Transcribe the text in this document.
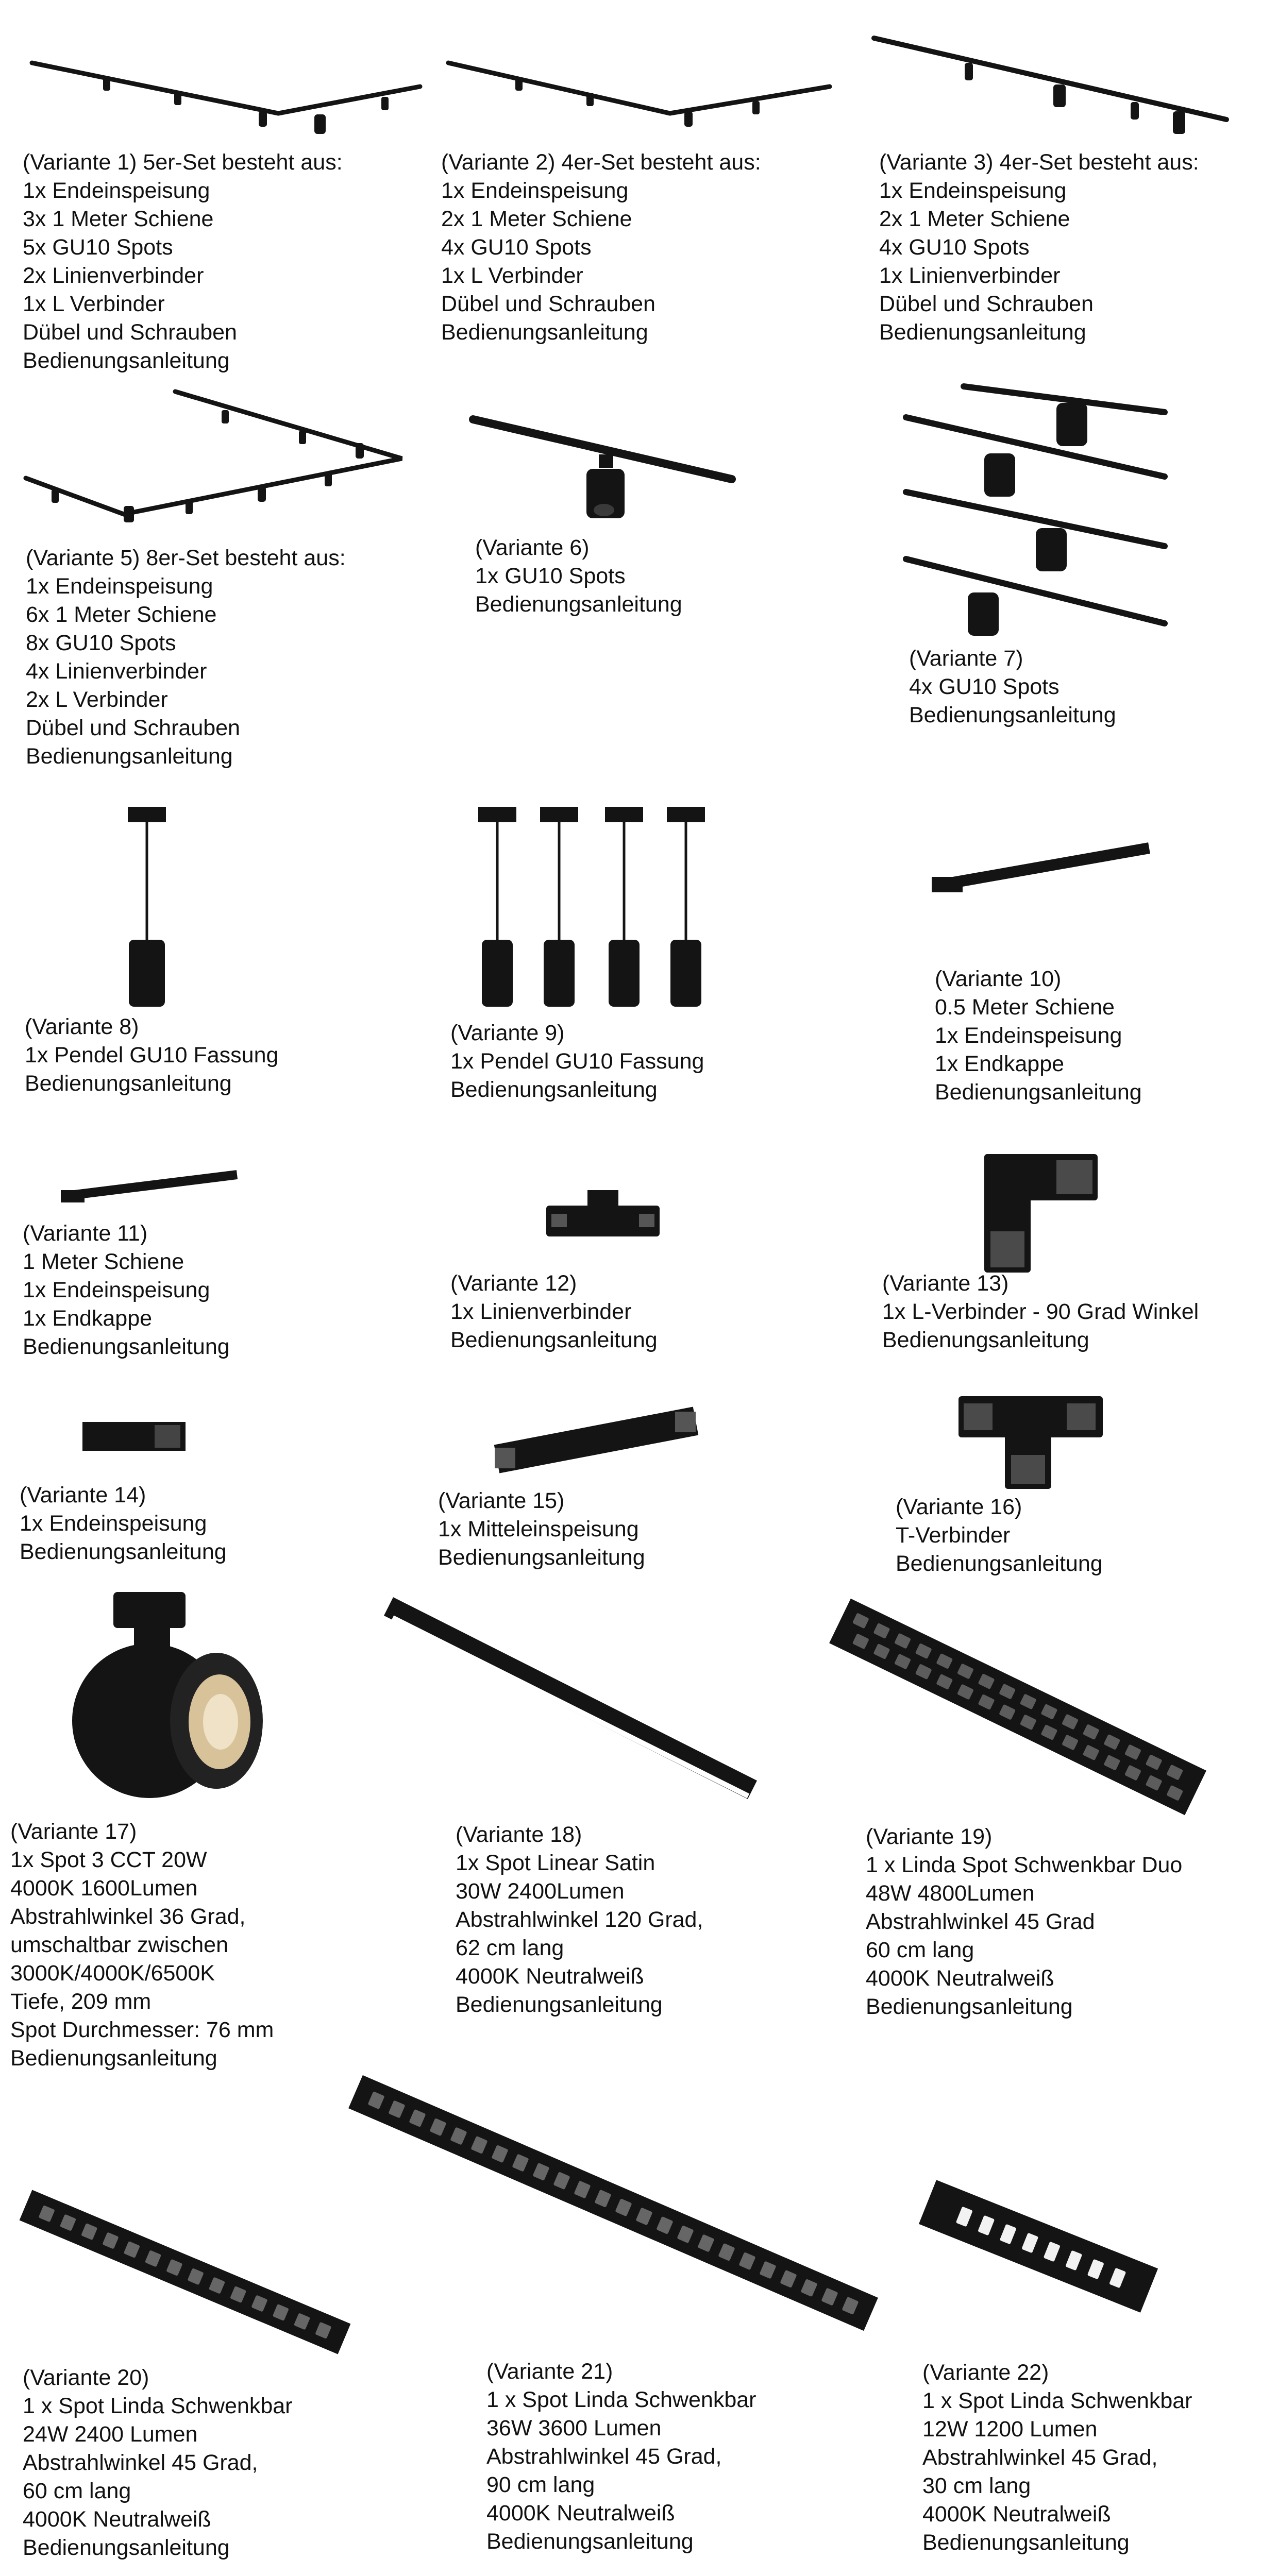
(Variante 1) 5er-Set besteht aus:
1x Endeinspeisung
3x 1 Meter Schiene
5x GU10 Spots
2x Linienverbinder
1x L Verbinder
Dübel und Schrauben
Bedienungsanleitung
(Variante 2) 4er-Set besteht aus:
1x Endeinspeisung
2x 1 Meter Schiene
4x GU10 Spots
1x L Verbinder
Dübel und Schrauben
Bedienungsanleitung
(Variante 3) 4er-Set besteht aus:
1x Endeinspeisung
2x 1 Meter Schiene
4x GU10 Spots
1x Linienverbinder
Dübel und Schrauben
Bedienungsanleitung
(Variante 5) 8er-Set besteht aus:
1x Endeinspeisung
6x 1 Meter Schiene
8x GU10 Spots
4x Linienverbinder
2x L Verbinder
Dübel und Schrauben
Bedienungsanleitung
(Variante 6)
1x GU10 Spots
Bedienungsanleitung
(Variante 7)
4x GU10 Spots
Bedienungsanleitung
(Variante 8)
1x Pendel GU10 Fassung
Bedienungsanleitung
(Variante 9)
1x Pendel GU10 Fassung
Bedienungsanleitung
(Variante 10)
0.5 Meter Schiene
1x Endeinspeisung
1x Endkappe
Bedienungsanleitung
(Variante 11)
1 Meter Schiene
1x Endeinspeisung
1x Endkappe
Bedienungsanleitung
(Variante 12)
1x Linienverbinder
Bedienungsanleitung
(Variante 13)
1x L-Verbinder - 90 Grad Winkel
Bedienungsanleitung
(Variante 14)
1x Endeinspeisung
Bedienungsanleitung
(Variante 15)
1x Mitteleinspeisung
Bedienungsanleitung
(Variante 16)
T-Verbinder
Bedienungsanleitung
(Variante 17)
1x Spot 3 CCT 20W
4000K 1600Lumen
Abstrahlwinkel 36 Grad,
umschaltbar zwischen
3000K/4000K/6500K
Tiefe, 209 mm
Spot Durchmesser: 76 mm
Bedienungsanleitung
(Variante 18)
1x Spot Linear Satin
30W 2400Lumen
Abstrahlwinkel 120 Grad,
62 cm lang
4000K Neutralweiß
Bedienungsanleitung
(Variante 19)
1 x Linda Spot Schwenkbar Duo
48W 4800Lumen
Abstrahlwinkel 45 Grad
60 cm lang
4000K Neutralweiß
Bedienungsanleitung
(Variante 20)
1 x Spot Linda Schwenkbar
24W 2400 Lumen
Abstrahlwinkel 45 Grad,
60 cm lang
4000K Neutralweiß
Bedienungsanleitung
(Variante 21)
1 x Spot Linda Schwenkbar
36W 3600 Lumen
Abstrahlwinkel 45 Grad,
90 cm lang
4000K Neutralweiß
Bedienungsanleitung
(Variante 22)
1 x Spot Linda Schwenkbar
12W 1200 Lumen
Abstrahlwinkel 45 Grad,
30 cm lang
4000K Neutralweiß
Bedienungsanleitung
